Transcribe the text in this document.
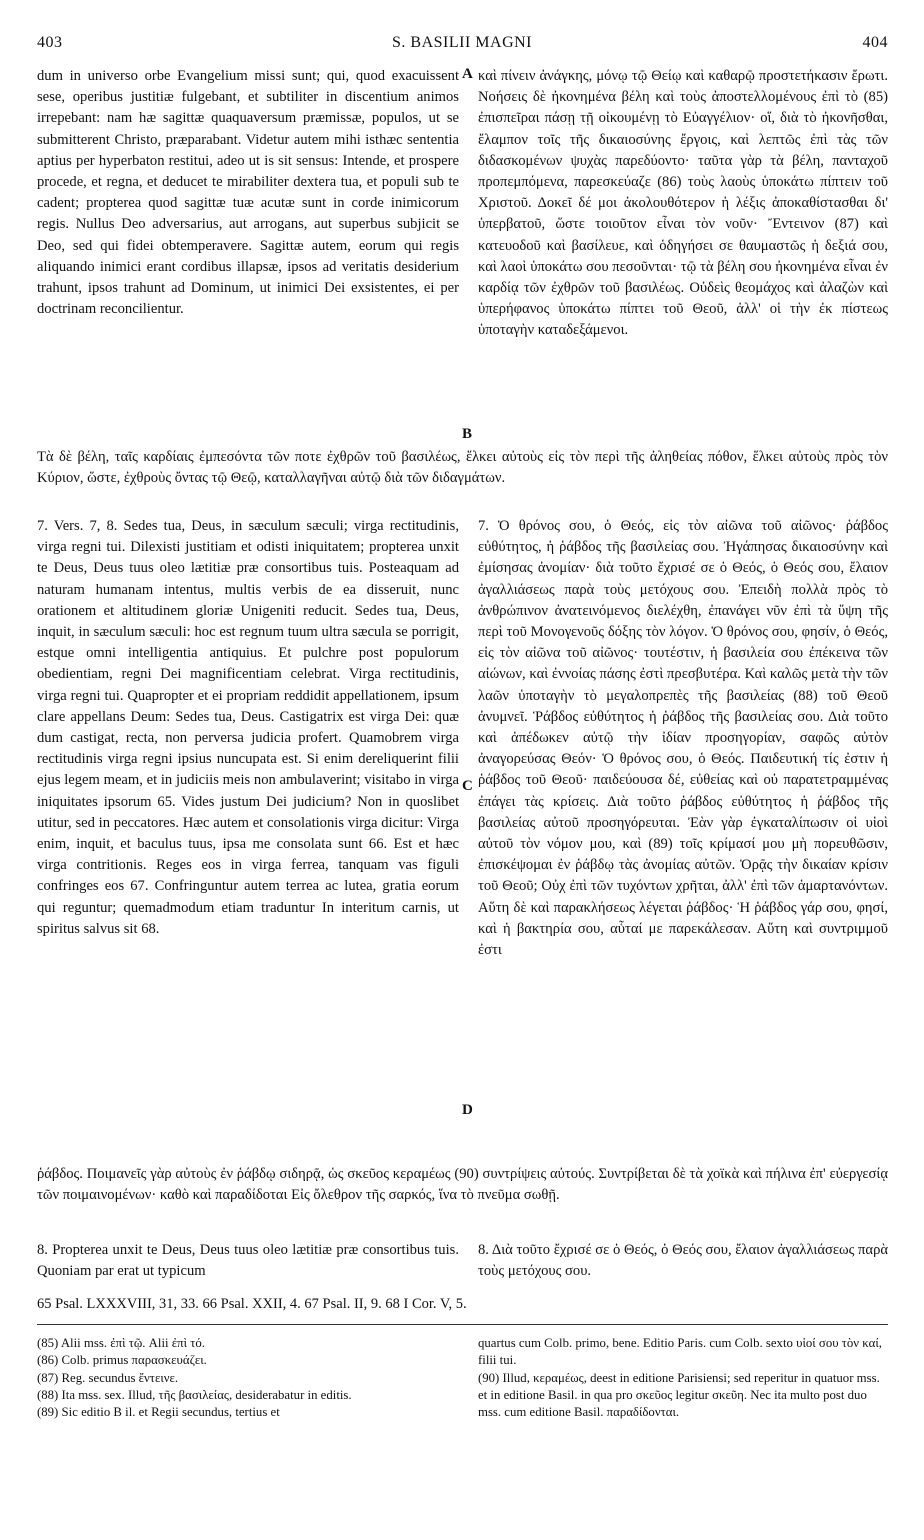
403	S. BASILII MAGNI	404
A
B
C
D

dum in universo orbe Evangelium missi sunt; qui, quod exacuissent sese, operibus justitiæ fulgebant, et subtiliter in discentium animos irrepebant: nam hæ sagittæ quaquaversum præmissæ, populos, ut se submitterent Christo, præparabant. Videtur autem mihi isthæc sententia aptius per hyperbaton restitui, adeo ut is sit sensus: Intende, et prospere procede, et regna, et deducet te mirabiliter dextera tua, et populi sub te cadent; propterea quod sagittæ tuæ acutæ sunt in corde inimicorum regis. Nullus Deo adversarius, aut arrogans, aut superbus subjicit se Deo, sed qui fidei obtemperavere. Sagittæ autem, eorum qui regis aliquando inimici erant cordibus illapsæ, ipsos ad veritatis desiderium trahunt, ipsos trahunt ad Dominum, ut inimici Dei exsistentes, ei per doctrinam reconcilientur.

καὶ πίνειν ἀνάγκης, μόνῳ τῷ Θείῳ καὶ καθαρῷ προστετήκασιν ἔρωτι. Νοήσεις δὲ ἠκονημένα βέλη καὶ τοὺς ἀποστελλομένους ἐπὶ τὸ (85) ἐπισπεῖραι πάσῃ τῇ οἰκουμένῃ τὸ Εὐαγγέλιον· οἵ, διὰ τὸ ἠκονῆσθαι, ἔλαμπον τοῖς τῆς δικαιοσύνης ἔργοις, καὶ λεπτῶς ἐπὶ τὰς τῶν διδασκομένων ψυχὰς παρεδύοντο· ταῦτα γὰρ τὰ βέλη, πανταχοῦ προπεμπόμενα, παρεσκεύαζε (86) τοὺς λαοὺς ὑποκάτω πίπτειν τοῦ Χριστοῦ. Δοκεῖ δέ μοι ἀκολουθότερον ἡ λέξις ἀποκαθίστασθαι δι' ὑπερβατοῦ, ὥστε τοιοῦτον εἶναι τὸν νοῦν· Ἔντεινον (87) καὶ κατευοδοῦ καὶ βασίλευε, καὶ ὁδηγήσει σε θαυμαστῶς ἡ δεξιά σου, καὶ λαοὶ ὑποκάτω σου πεσοῦνται· τῷ τὰ βέλη σου ἠκονημένα εἶναι ἐν καρδίᾳ τῶν ἐχθρῶν τοῦ βασιλέως. Οὐδεὶς θεομάχος καὶ ἀλαζὼν καὶ ὑπερήφανος ὑποκάτω πίπτει τοῦ Θεοῦ, ἀλλ' οἱ τὴν ἐκ πίστεως ὑποταγὴν καταδεξάμενοι.

Τὰ δὲ βέλη, ταῖς καρδίαις ἐμπεσόντα τῶν ποτε ἐχθρῶν τοῦ βασιλέως, ἕλκει αὐτοὺς εἰς τὸν περὶ τῆς ἀληθείας πόθον, ἕλκει αὐτοὺς πρὸς τὸν Κύριον, ὥστε, ἐχθροὺς ὄντας τῷ Θεῷ, καταλλαγῆναι αὐτῷ διὰ τῶν διδαγμάτων.

7. Vers. 7, 8. Sedes tua, Deus, in sæculum sæculi; virga rectitudinis, virga regni tui. Dilexisti justitiam et odisti iniquitatem; propterea unxit te Deus, Deus tuus oleo lætitiæ præ consortibus tuis. Posteaquam ad naturam humanam intentus, multis verbis de ea disseruit, nunc orationem et altitudinem gloriæ Unigeniti reducit. Sedes tua, Deus, inquit, in sæculum sæculi: hoc est regnum tuum ultra sæcula se porrigit, estque omni intelligentia antiquius. Et pulchre post populorum obedientiam, regni Dei magnificentiam celebrat. Virga rectitudinis, virga regni tui. Quapropter et ei propriam reddidit appellationem, ipsum clare appellans Deum: Sedes tua, Deus. Castigatrix est virga Dei: quæ dum castigat, recta, non perversa judicia profert. Quamobrem virga rectitudinis virga regni ipsius nuncupata est. Si enim dereliquerint filii ejus legem meam, et in judiciis meis non ambulaverint; visitabo in virga iniquitates ipsorum 65. Vides justum Dei judicium? Non in quoslibet utitur, sed in peccatores. Hæc autem et consolationis virga dicitur: Virga enim, inquit, et baculus tuus, ipsa me consolata sunt 66. Est et hæc virga contritionis. Reges eos in virga ferrea, tanquam vas figuli confringes eos 67. Confringuntur autem terrea ac lutea, gratia eorum qui reguntur; quemadmodum etiam traduntur In interitum carnis, ut spiritus salvus sit 68.

7. Ὁ θρόνος σου, ὁ Θεός, εἰς τὸν αἰῶνα τοῦ αἰῶνος· ῥάβδος εὐθύτητος, ἡ ῥάβδος τῆς βασιλείας σου. Ἠγάπησας δικαιοσύνην καὶ ἐμίσησας ἀνομίαν· διὰ τοῦτο ἔχρισέ σε ὁ Θεός, ὁ Θεός σου, ἔλαιον ἀγαλλιάσεως παρὰ τοὺς μετόχους σου. Ἐπειδὴ πολλὰ πρὸς τὸ ἀνθρώπινον ἀνατεινόμενος διελέχθη, ἐπανάγει νῦν ἐπὶ τὰ ὕψη τῆς περὶ τοῦ Μονογενοῦς δόξης τὸν λόγον. Ὁ θρόνος σου, φησίν, ὁ Θεός, εἰς τὸν αἰῶνα τοῦ αἰῶνος· τουτέστιν, ἡ βασιλεία σου ἐπέκεινα τῶν αἰώνων, καὶ ἐννοίας πάσης ἐστὶ πρεσβυτέρα. Καὶ καλῶς μετὰ τὴν τῶν λαῶν ὑποταγὴν τὸ μεγαλοπρεπὲς τῆς βασιλείας (88) τοῦ Θεοῦ ἀνυμνεῖ. Ῥάβδος εὐθύτητος ἡ ῥάβδος τῆς βασιλείας σου. Διὰ τοῦτο καὶ ἀπέδωκεν αὐτῷ τὴν ἰδίαν προσηγορίαν, σαφῶς αὐτὸν ἀναγορεύσας Θεόν· Ὁ θρόνος σου, ὁ Θεός. Παιδευτική τίς ἐστιν ἡ ῥάβδος τοῦ Θεοῦ· παιδεύουσα δέ, εὐθείας καὶ οὐ παρατετραμμένας ἐπάγει τὰς κρίσεις. Διὰ τοῦτο ῥάβδος εὐθύτητος ἡ ῥάβδος τῆς βασιλείας αὐτοῦ προσηγόρευται. Ἐὰν γὰρ ἐγκαταλίπωσιν οἱ υἱοὶ αὐτοῦ τὸν νόμον μου, καὶ (89) τοῖς κρίμασί μου μὴ πορευθῶσιν, ἐπισκέψομαι ἐν ῥάβδῳ τὰς ἀνομίας αὐτῶν. Ὁρᾷς τὴν δικαίαν κρίσιν τοῦ Θεοῦ; Οὐχ ἐπὶ τῶν τυχόντων χρῆται, ἀλλ' ἐπὶ τῶν ἁμαρτανόντων. Αὕτη δὲ καὶ παρακλήσεως λέγεται ῥάβδος· Ἡ ῥάβδος γάρ σου, φησί, καὶ ἡ βακτηρία σου, αὗταί με παρεκάλεσαν. Αὕτη καὶ συντριμμοῦ ἐστι

ῥάβδος. Ποιμανεῖς γὰρ αὐτοὺς ἐν ῥάβδῳ σιδηρᾷ, ὡς σκεῦος κεραμέως (90) συντρίψεις αὐτούς. Συντρίβεται δὲ τὰ χοϊκὰ καὶ πήλινα ἐπ' εὐεργεσίᾳ τῶν ποιμαινομένων· καθὸ καὶ παραδίδοται Εἰς ὄλεθρον τῆς σαρκός, ἵνα τὸ πνεῦμα σωθῇ.

8. Propterea unxit te Deus, Deus tuus oleo lætitiæ præ consortibus tuis. Quoniam par erat ut typicum

8. Διὰ τοῦτο ἔχρισέ σε ὁ Θεός, ὁ Θεός σου, ἔλαιον ἀγαλλιάσεως παρὰ τοὺς μετόχους σου.

65 Psal. LXXXVIII, 31, 33. 66 Psal. XXII, 4. 67 Psal. II, 9. 68 I Cor. V, 5.

(85) Alii mss. ἐπὶ τῷ. Alii ἐπὶ τό.

(86) Colb. primus παρασκευάζει.

(87) Reg. secundus ἔντεινε.

(88) Ita mss. sex. Illud, τῆς βασιλείας, desiderabatur in editis.

(89) Sic editio B il. et Regii secundus, tertius et

quartus cum Colb. primo, bene. Editio Paris. cum Colb. sexto υἱοί σου τὸν καί, filii tui.

(90) Illud, κεραμέως, deest in editione Parisiensi; sed reperitur in quatuor mss. et in editione Basil. in qua pro σκεῦος legitur σκεῦη. Nec ita multo post duo mss. cum editione Basil. παραδίδονται.
